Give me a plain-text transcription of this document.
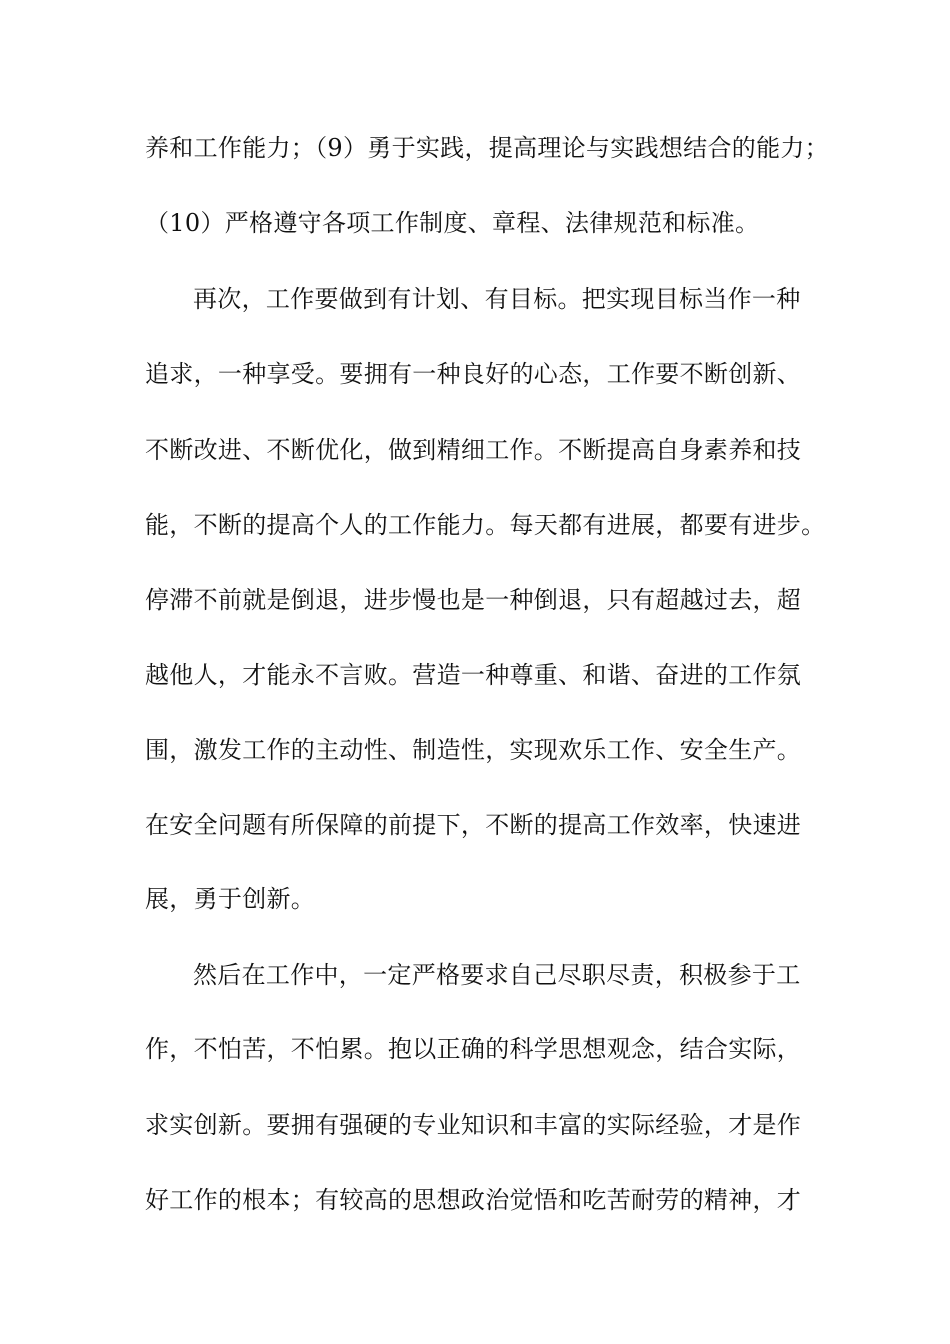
养和工作能力；（9）勇于实践，提高理论与实践想结合的能力；
（10）严格遵守各项工作制度、章程、法律规范和标准。
再次，工作要做到有计划、有目标。把实现目标当作一种
追求，一种享受。要拥有一种良好的心态，工作要不断创新、
不断改进、不断优化，做到精细工作。不断提高自身素养和技
能，不断的提高个人的工作能力。每天都有进展，都要有进步。
停滞不前就是倒退，进步慢也是一种倒退，只有超越过去，超
越他人，才能永不言败。营造一种尊重、和谐、奋进的工作氛
围，激发工作的主动性、制造性，实现欢乐工作、安全生产。
在安全问题有所保障的前提下，不断的提高工作效率，快速进
展，勇于创新。
然后在工作中，一定严格要求自己尽职尽责，积极参于工
作，不怕苦，不怕累。抱以正确的科学思想观念，结合实际，
求实创新。要拥有强硬的专业知识和丰富的实际经验，才是作
好工作的根本；有较高的思想政治觉悟和吃苦耐劳的精神，才
